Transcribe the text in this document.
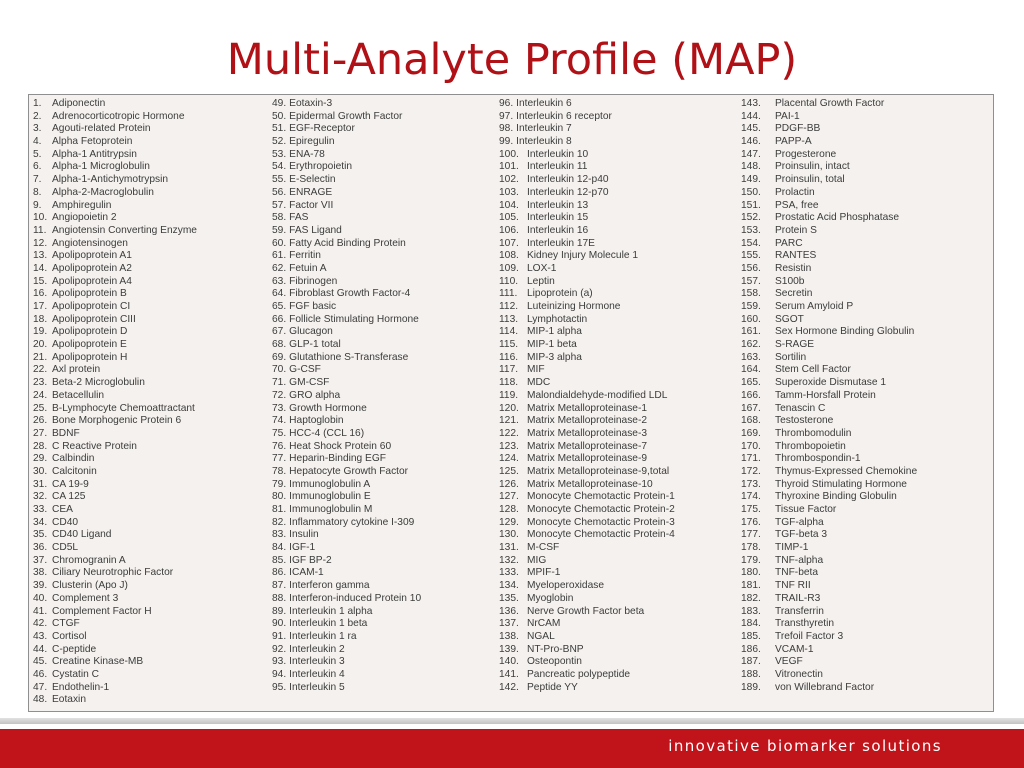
Multi-Analyte Profile (MAP)
1.	Adiponectin
2.	Adrenocorticotropic Hormone
3.	Agouti-related Protein
4.	Alpha Fetoprotein
5.	Alpha-1 Antitrypsin
6.	Alpha-1 Microglobulin
7.	Alpha-1-Antichymotrypsin
8.	Alpha-2-Macroglobulin
9.	Amphiregulin
10. Angiopoietin 2
11. Angiotensin Converting Enzyme
12. Angiotensinogen
13. Apolipoprotein A1
14. Apolipoprotein A2
15. Apolipoprotein A4
16. Apolipoprotein B
17. Apolipoprotein CI
18. Apolipoprotein CIII
19. Apolipoprotein D
20. Apolipoprotein E
21. Apolipoprotein H
22. Axl protein
23. Beta-2 Microglobulin
24. Betacellulin
25. B-Lymphocyte Chemoattractant
26. Bone Morphogenic Protein 6
27. BDNF
28. C Reactive Protein
29. Calbindin
30. Calcitonin
31. CA 19-9
32. CA 125
33. CEA
34. CD40
35. CD40 Ligand
36. CD5L
37. Chromogranin A
38. Ciliary Neurotrophic Factor
39. Clusterin (Apo J)
40. Complement 3
41. Complement Factor H
42. CTGF
43. Cortisol
44. C-peptide
45. Creatine Kinase-MB
46. Cystatin C
47. Endothelin-1
48. Eotaxin
49. Eotaxin-3
50. Epidermal Growth Factor
51. EGF-Receptor
52. Epiregulin
53. ENA-78
54. Erythropoietin
55. E-Selectin
56. ENRAGE
57. Factor VII
58. FAS
59. FAS Ligand
60. Fatty Acid Binding Protein
61. Ferritin
62. Fetuin A
63. Fibrinogen
64. Fibroblast Growth Factor-4
65. FGF basic
66. Follicle Stimulating Hormone
67. Glucagon
68. GLP-1 total
69. Glutathione S-Transferase
70. G-CSF
71. GM-CSF
72. GRO alpha
73. Growth Hormone
74. Haptoglobin
75. HCC-4 (CCL 16)
76. Heat Shock Protein 60
77. Heparin-Binding EGF
78. Hepatocyte Growth Factor
79. Immunoglobulin A
80. Immunoglobulin E
81. Immunoglobulin M
82. Inflammatory cytokine I-309
83. Insulin
84. IGF-1
85. IGF BP-2
86. ICAM-1
87. Interferon gamma
88. Interferon-induced Protein 10
89. Interleukin 1 alpha
90. Interleukin 1 beta
91. Interleukin 1 ra
92. Interleukin 2
93. Interleukin 3
94. Interleukin 4
95. Interleukin 5
96. Interleukin 6
97. Interleukin 6 receptor
98. Interleukin 7
99. Interleukin 8
100. Interleukin 10
101. Interleukin 11
102. Interleukin 12-p40
103. Interleukin 12-p70
104. Interleukin 13
105. Interleukin 15
106. Interleukin 16
107. Interleukin 17E
108. Kidney Injury Molecule 1
109. LOX-1
110. Leptin
111. Lipoprotein (a)
112. Luteinizing Hormone
113. Lymphotactin
114. MIP-1 alpha
115. MIP-1 beta
116. MIP-3 alpha
117. MIF
118. MDC
119. Malondialdehyde-modified LDL
120. Matrix Metalloproteinase-1
121. Matrix Metalloproteinase-2
122. Matrix Metalloproteinase-3
123. Matrix Metalloproteinase-7
124. Matrix Metalloproteinase-9
125. Matrix Metalloproteinase-9,total
126. Matrix Metalloproteinase-10
127. Monocyte Chemotactic Protein-1
128. Monocyte Chemotactic Protein-2
129. Monocyte Chemotactic Protein-3
130. Monocyte Chemotactic Protein-4
131. M-CSF
132. MIG
133. MPIF-1
134. Myeloperoxidase
135. Myoglobin
136. Nerve Growth Factor beta
137. NrCAM
138. NGAL
139. NT-Pro-BNP
140. Osteopontin
141. Pancreatic polypeptide
142. Peptide YY
143.	Placental Growth Factor
144.	PAI-1
145.	PDGF-BB
146.	PAPP-A
147.	Progesterone
148.	Proinsulin, intact
149.	Proinsulin, total
150.	Prolactin
151.	PSA, free
152.	Prostatic Acid Phosphatase
153.	Protein S
154.	PARC
155.	RANTES
156.	Resistin
157.	S100b
158.	Secretin
159.	Serum Amyloid P
160.	SGOT
161.	Sex Hormone Binding Globulin
162.	S-RAGE
163.	Sortilin
164.	Stem Cell Factor
165.	Superoxide Dismutase 1
166.	Tamm-Horsfall Protein
167.	Tenascin C
168.	Testosterone
169.	Thrombomodulin
170.	Thrombopoietin
171.	Thrombospondin-1
172.	Thymus-Expressed Chemokine
173.	Thyroid Stimulating Hormone
174.	Thyroxine Binding Globulin
175.	Tissue Factor
176.	TGF-alpha
177.	TGF-beta 3
178.	TIMP-1
179.	TNF-alpha
180.	TNF-beta
181.	TNF RII
182.	TRAIL-R3
183.	Transferrin
184.	Transthyretin
185.	Trefoil Factor 3
186.	VCAM-1
187.	VEGF
188.	Vitronectin
189.	von Willebrand Factor
innovative biomarker solutions
